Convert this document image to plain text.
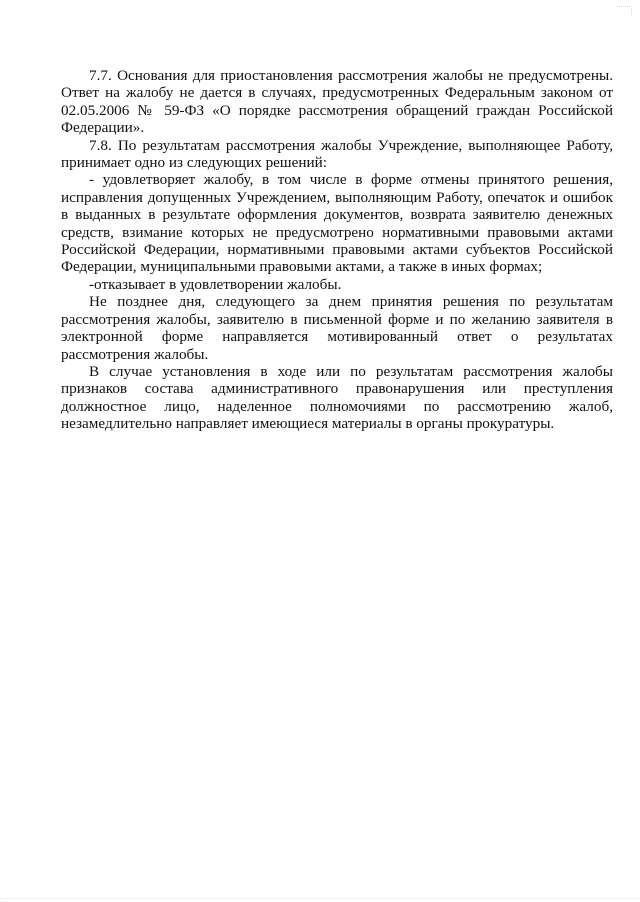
7.7. Основания для приостановления рассмотрения жалобы не предусмотрены.
Ответ на жалобу не дается в случаях, предусмотренных Федеральным законом от
02.05.2006 № 59-ФЗ «О порядке рассмотрения обращений граждан Российской
Федерации».
7.8. По результатам рассмотрения жалобы Учреждение, выполняющее Работу,
принимает одно из следующих решений:
- удовлетворяет жалобу, в том числе в форме отмены принятого решения,
исправления допущенных Учреждением, выполняющим Работу, опечаток и ошибок
в выданных в результате оформления документов, возврата заявителю денежных
средств, взимание которых не предусмотрено нормативными правовыми актами
Российской Федерации, нормативными правовыми актами субъектов Российской
Федерации, муниципальными правовыми актами, а также в иных формах;
-отказывает в удовлетворении жалобы.
Не позднее дня, следующего за днем принятия решения по результатам
рассмотрения жалобы, заявителю в письменной форме и по желанию заявителя в
электронной форме направляется мотивированный ответ о результатах
рассмотрения жалобы.
В случае установления в ходе или по результатам рассмотрения жалобы
признаков состава административного правонарушения или преступления
должностное лицо, наделенное полномочиями по рассмотрению жалоб,
незамедлительно направляет имеющиеся материалы в органы прокуратуры.
